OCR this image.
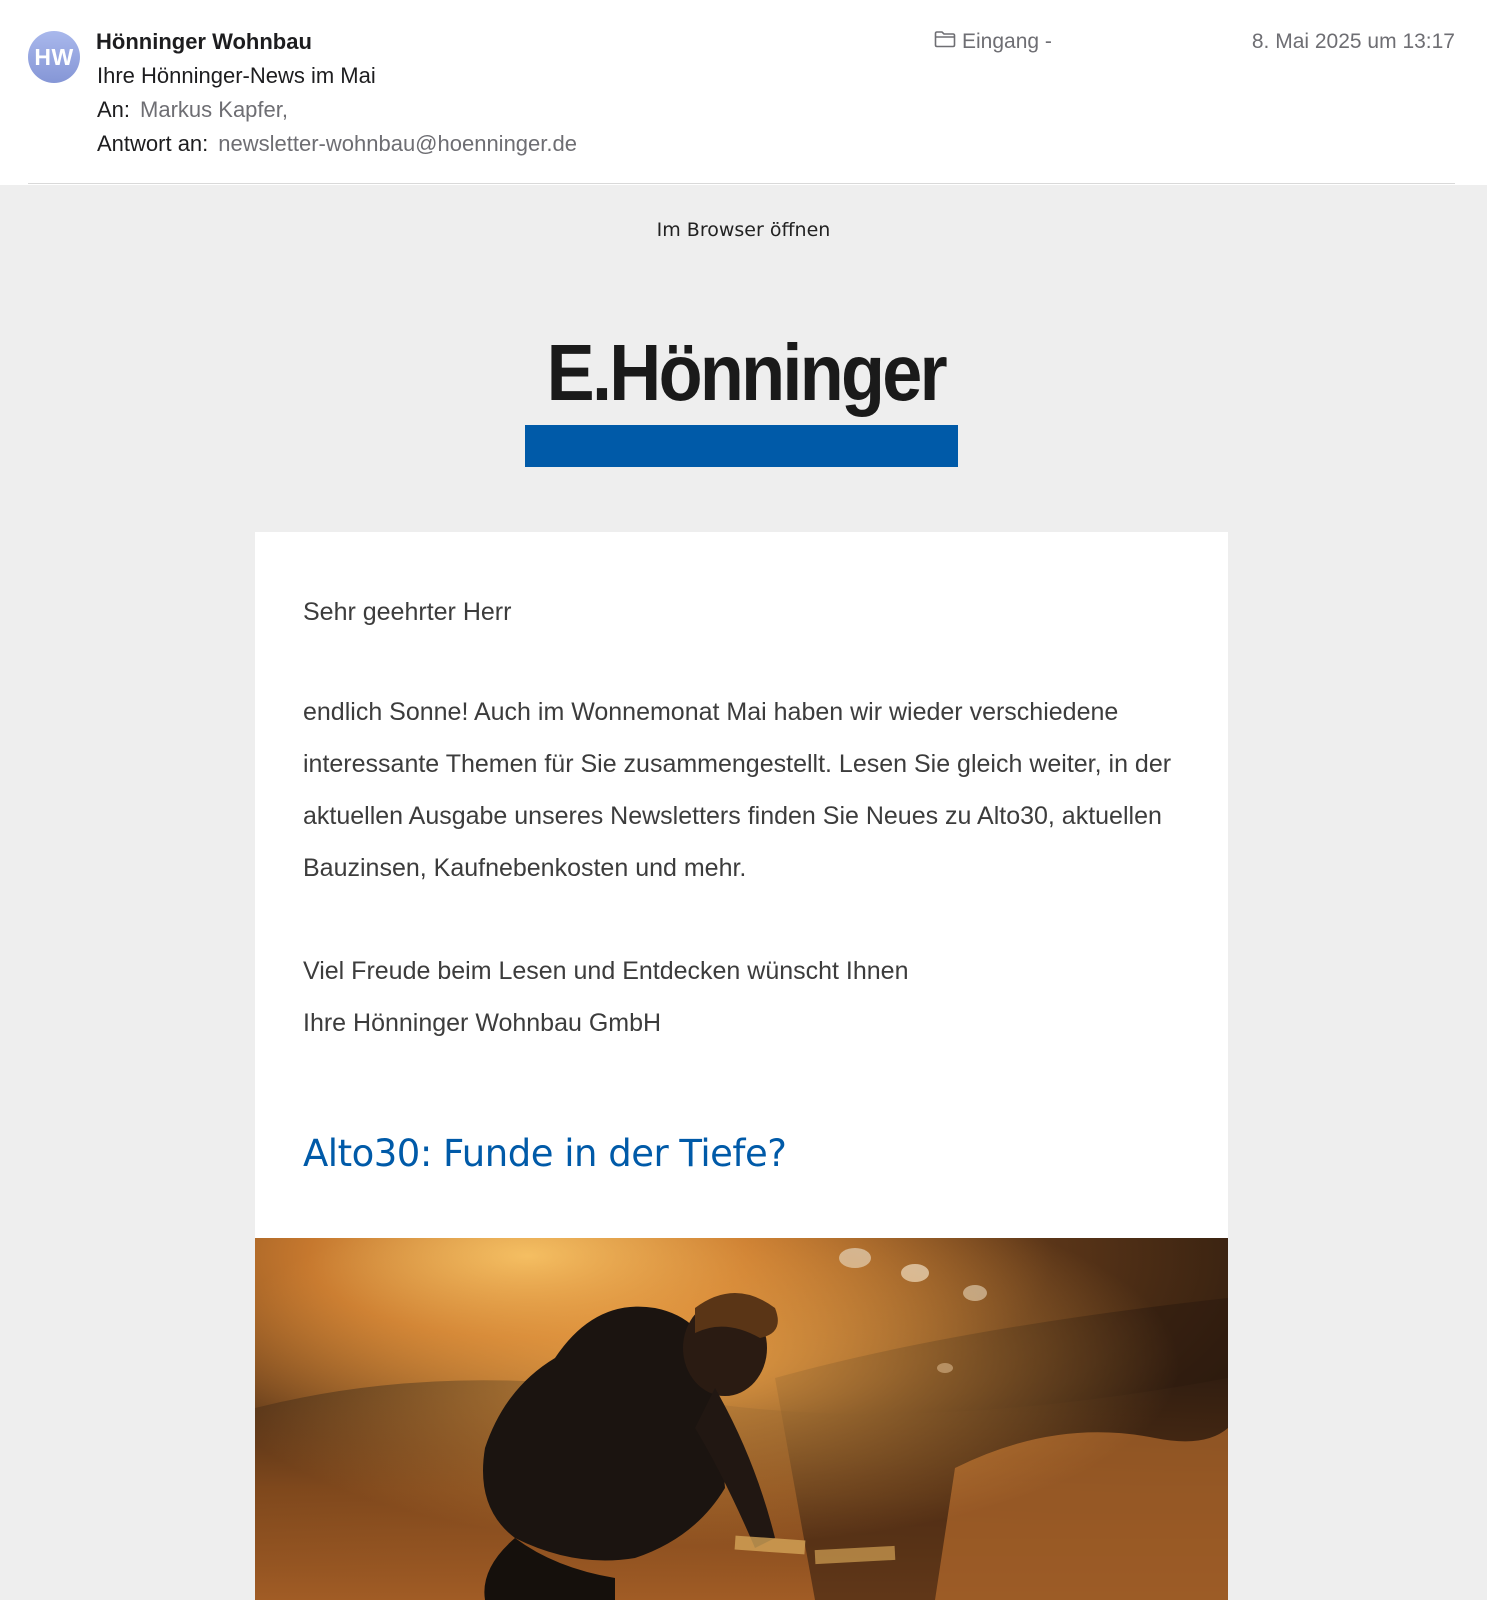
HW
Hönninger Wohnbau
Ihre Hönninger-News im Mai
An: Markus Kapfer,
Antwort an: newsletter-wohnbau@hoenninger.de
Eingang -	8. Mai 2025 um 13:17
Im Browser öffnen
E.Hönninger
Sehr geehrter Herr

endlich Sonne! Auch im Wonnemonat Mai haben wir wieder verschiedene interessante Themen für Sie zusammengestellt. Lesen Sie gleich weiter, in der aktuellen Ausgabe unseres Newsletters finden Sie Neues zu Alto30, aktuellen Bauzinsen, Kaufnebenkosten und mehr.

Viel Freude beim Lesen und Entdecken wünscht Ihnen
Ihre Hönninger Wohnbau GmbH

Alto30: Funde in der Tiefe?
